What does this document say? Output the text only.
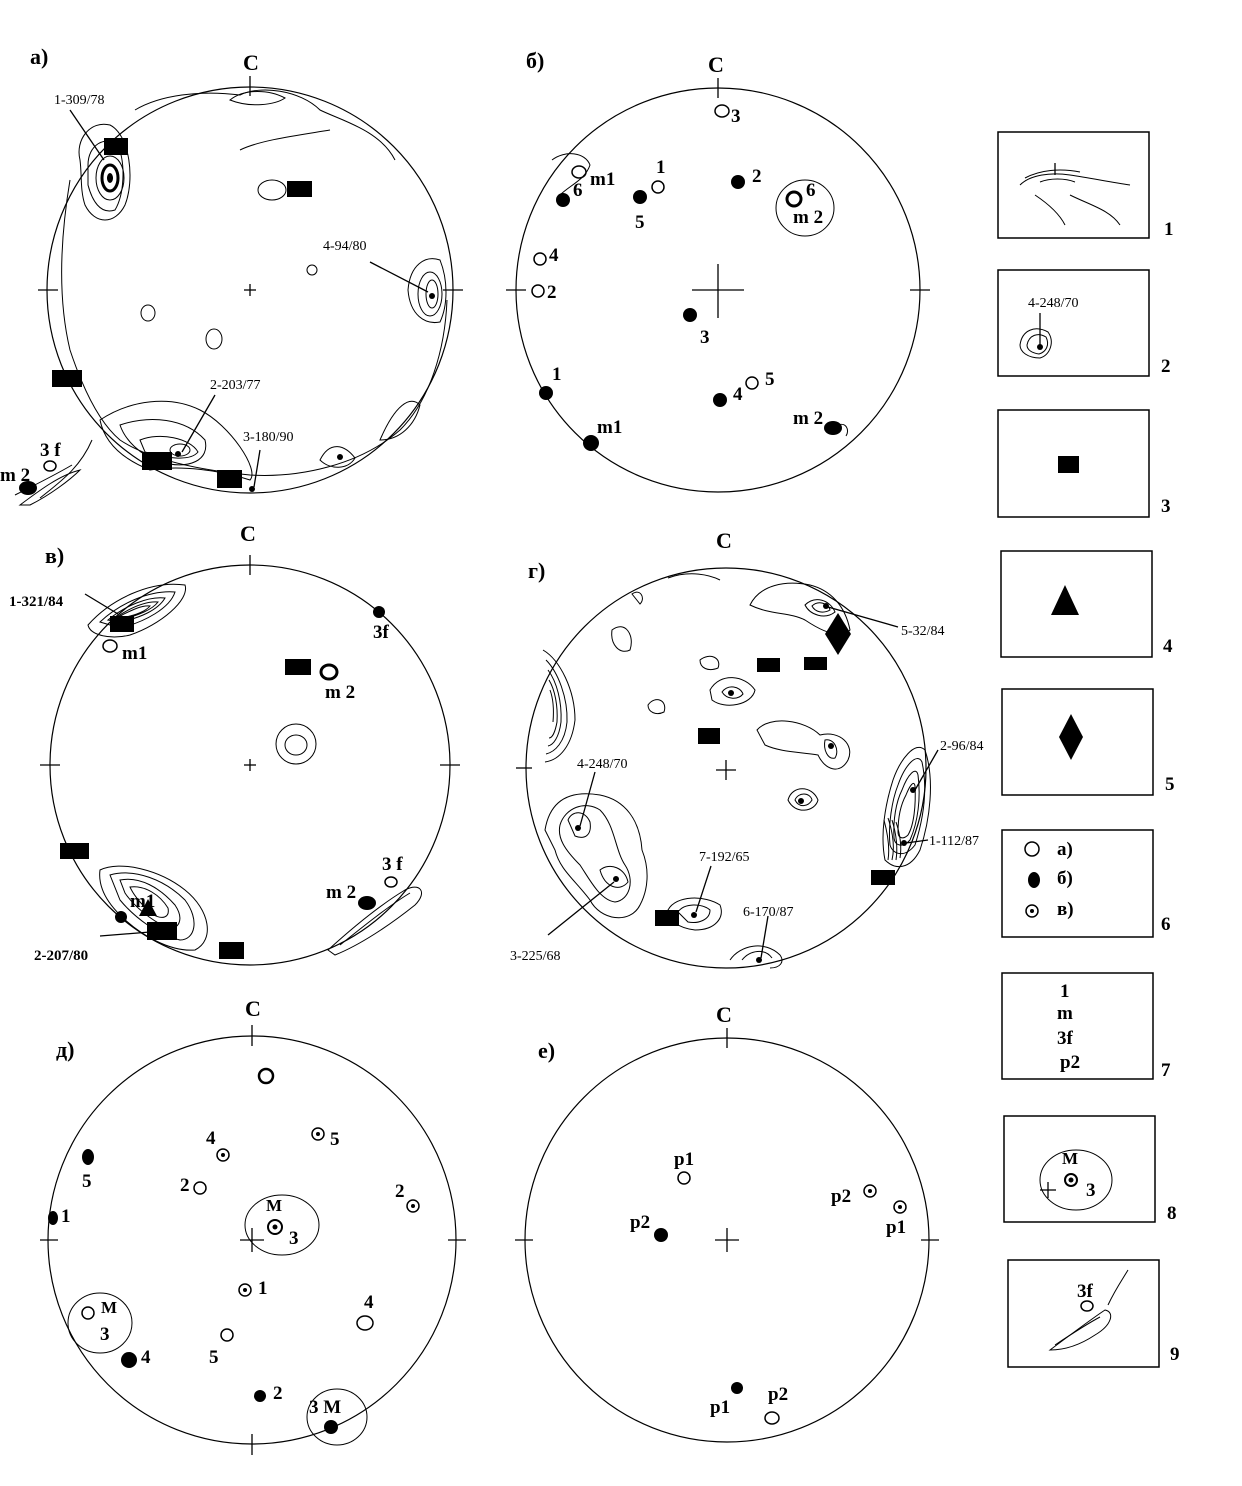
а)	С
1-309/78
4-94/80
2-203/77
3-180/90
3 f
m 2
б)	С
3
m1
1
6
5
2
6
m 2
4
2
3
1
4
5
m1	m 2
в)
С
m1
3f
m 2
3 f
m 2
m1
1-321/84
2-207/80
г)
С
5-32/84
2-96/84
4-248/70
1-112/87
7-192/65
6-170/87
3-225/68
д)
С
4	5
5	2	2
1
М
3
1
4
М
3
5
4
2
3 М
е)
С
p1
p2
p2
p1
p1
p2
1
4-248/70
2
3
4
5
а)
б)
в)
6
1
m
3f
p2	7
М
3
8
3f
9
